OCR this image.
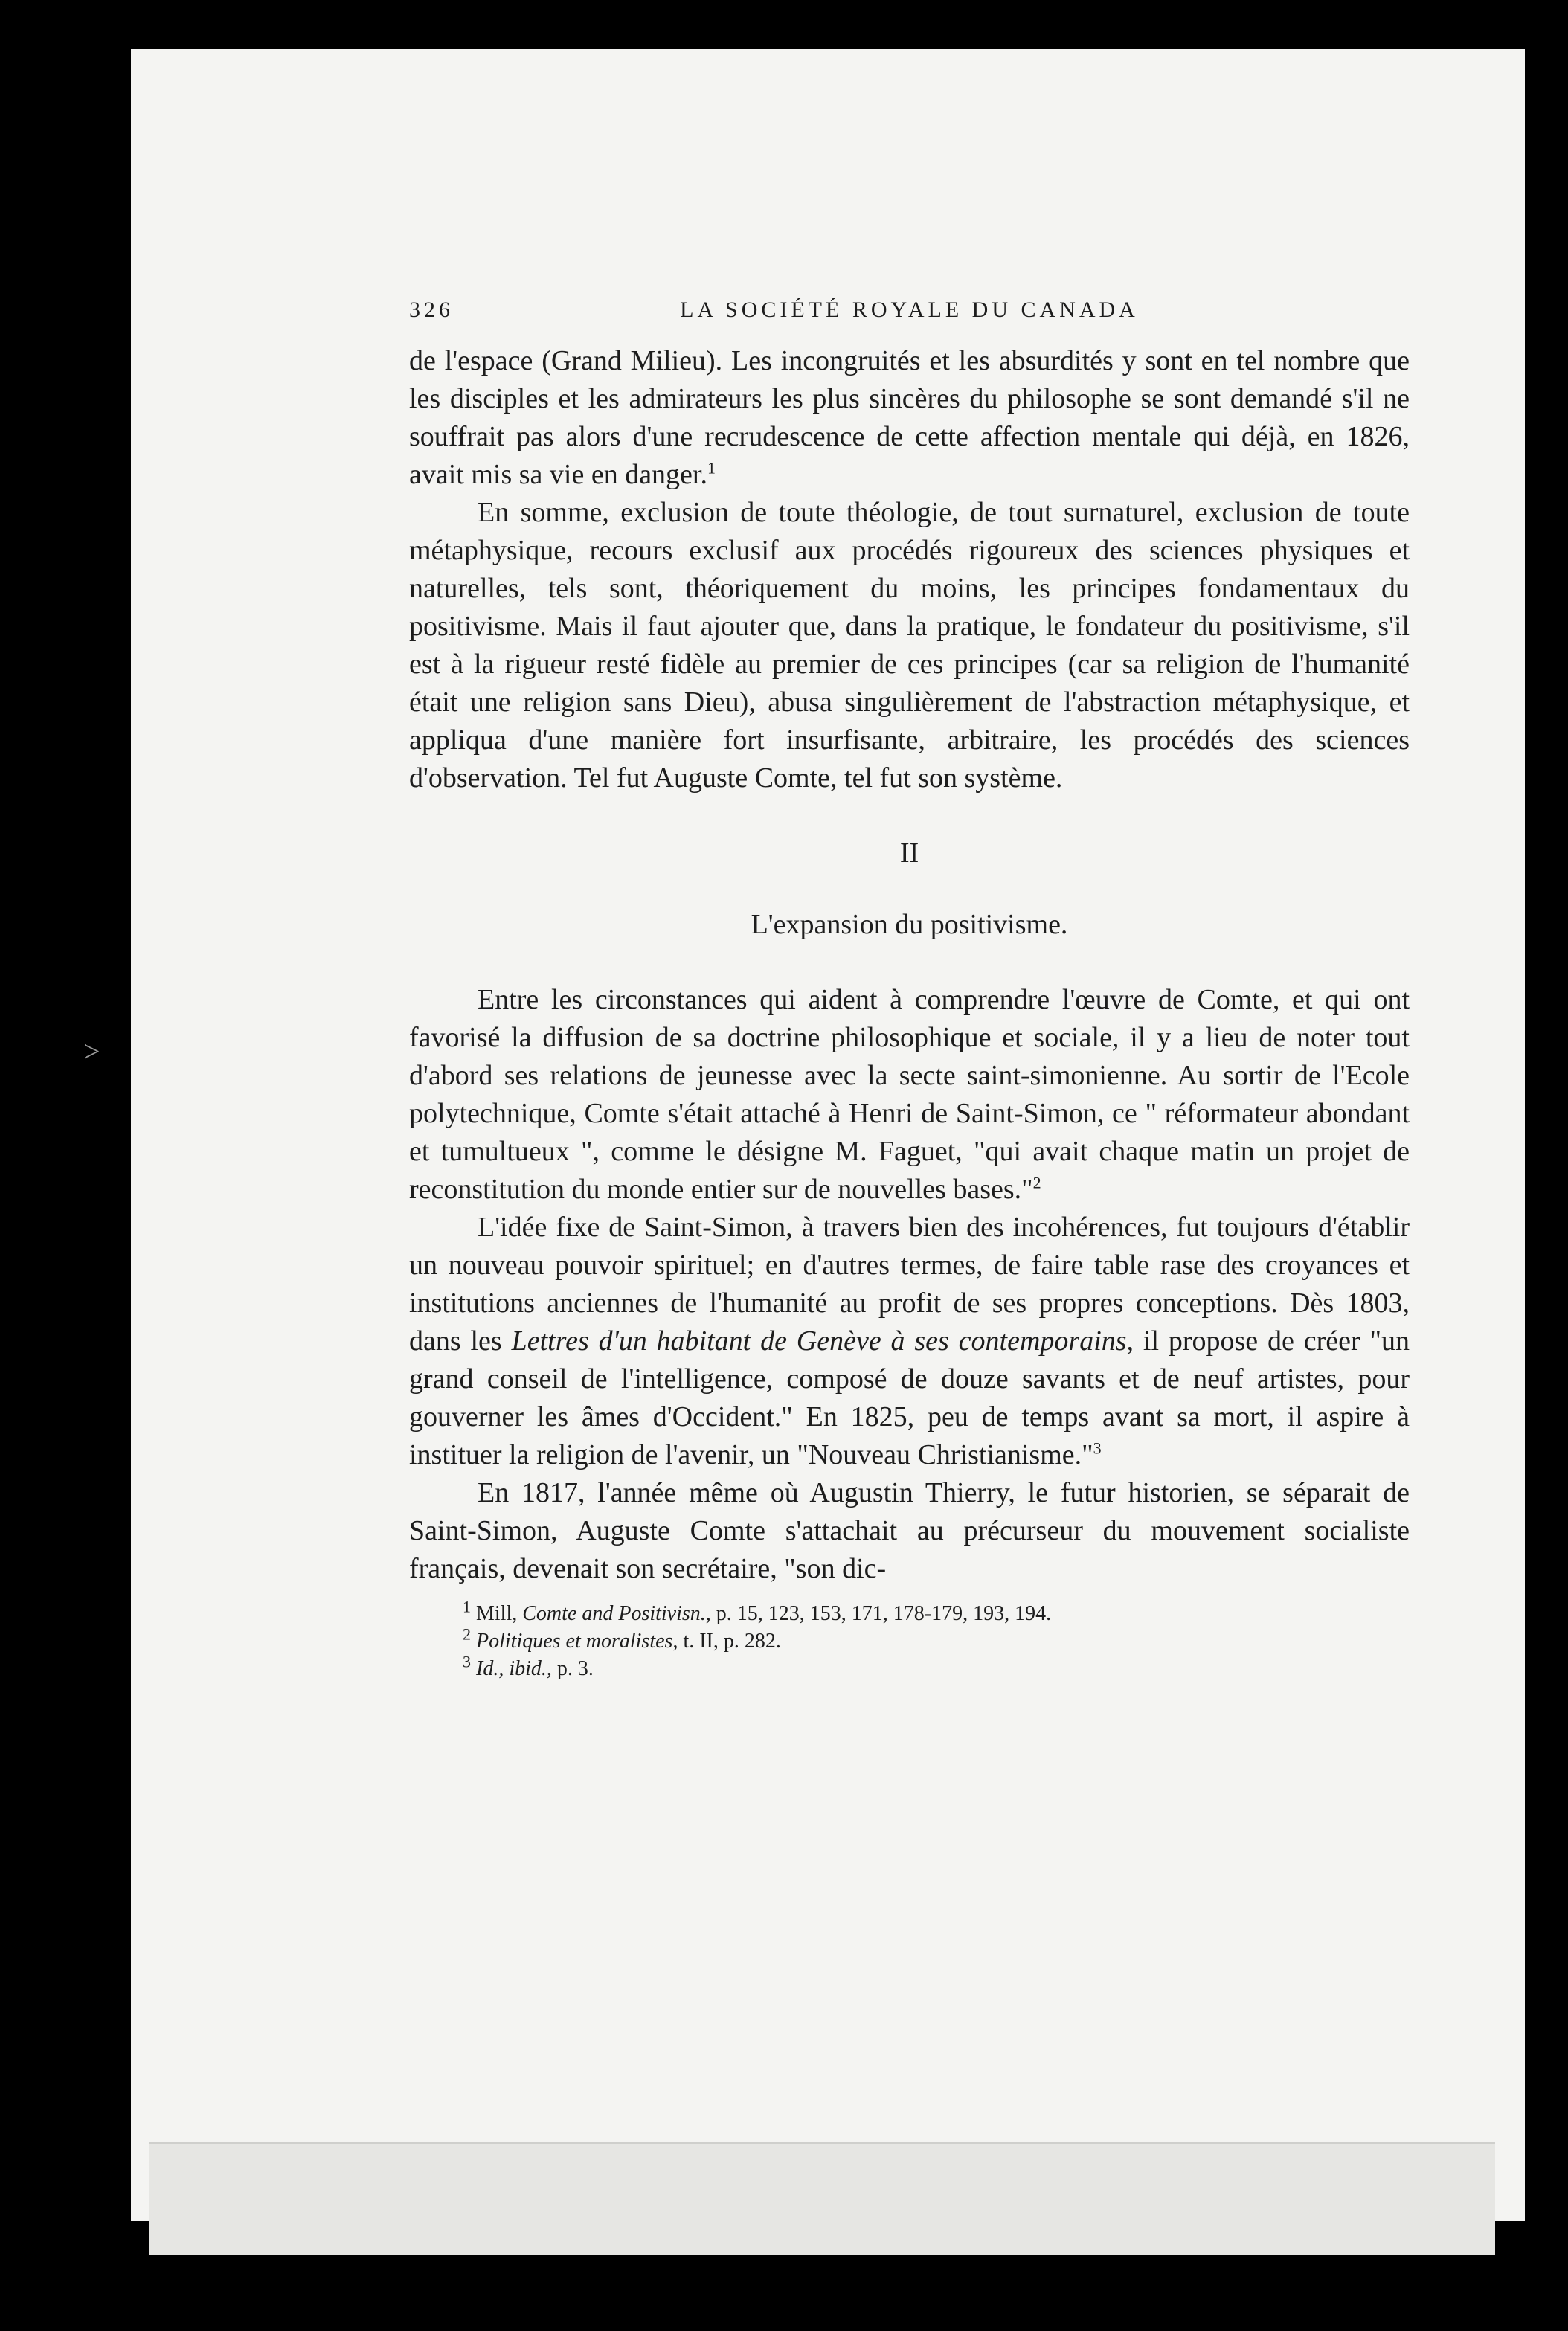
>
326	LA SOCIÉTÉ ROYALE DU CANADA

de l'espace (Grand Milieu). Les incongruités et les absurdités y sont en tel nombre que les disciples et les admirateurs les plus sincères du philosophe se sont demandé s'il ne souffrait pas alors d'une recrudescence de cette affection mentale qui déjà, en 1826, avait mis sa vie en danger.$^1$

En somme, exclusion de toute théologie, de tout surnaturel, exclusion de toute métaphysique, recours exclusif aux procédés rigoureux des sciences physiques et naturelles, tels sont, théoriquement du moins, les principes fondamentaux du positivisme. Mais il faut ajouter que, dans la pratique, le fondateur du positivisme, s'il est à la rigueur resté fidèle au premier de ces principes (car sa religion de l'humanité était une religion sans Dieu), abusa singulièrement de l'abstraction métaphysique, et appliqua d'une manière fort insurfisante, arbitraire, les procédés des sciences d'observation. Tel fut Auguste Comte, tel fut son système.

II
L'expansion du positivisme.

Entre les circonstances qui aident à comprendre l'œuvre de Comte, et qui ont favorisé la diffusion de sa doctrine philosophique et sociale, il y a lieu de noter tout d'abord ses relations de jeunesse avec la secte saint-simonienne. Au sortir de l'Ecole polytechnique, Comte s'était attaché à Henri de Saint-Simon, ce " réformateur abondant et tumultueux ", comme le désigne M. Faguet, "qui avait chaque matin un projet de reconstitution du monde entier sur de nouvelles bases."$^2$

L'idée fixe de Saint-Simon, à travers bien des incohérences, fut toujours d'établir un nouveau pouvoir spirituel; en d'autres termes, de faire table rase des croyances et institutions anciennes de l'humanité au profit de ses propres conceptions. Dès 1803, dans les Lettres d'un habitant de Genève à ses contemporains, il propose de créer "un grand conseil de l'intelligence, composé de douze savants et de neuf artistes, pour gouverner les âmes d'Occident." En 1825, peu de temps avant sa mort, il aspire à instituer la religion de l'avenir, un "Nouveau Christianisme."$^3$

En 1817, l'année même où Augustin Thierry, le futur historien, se séparait de Saint-Simon, Auguste Comte s'attachait au précurseur du mouvement socialiste français, devenait son secrétaire, "son dic-

$^1$ Mill, Comte and Positivisn., p. 15, 123, 153, 171, 178-179, 193, 194.

$^2$ Politiques et moralistes, t. II, p. 282.

$^3$ Id., ibid., p. 3.
